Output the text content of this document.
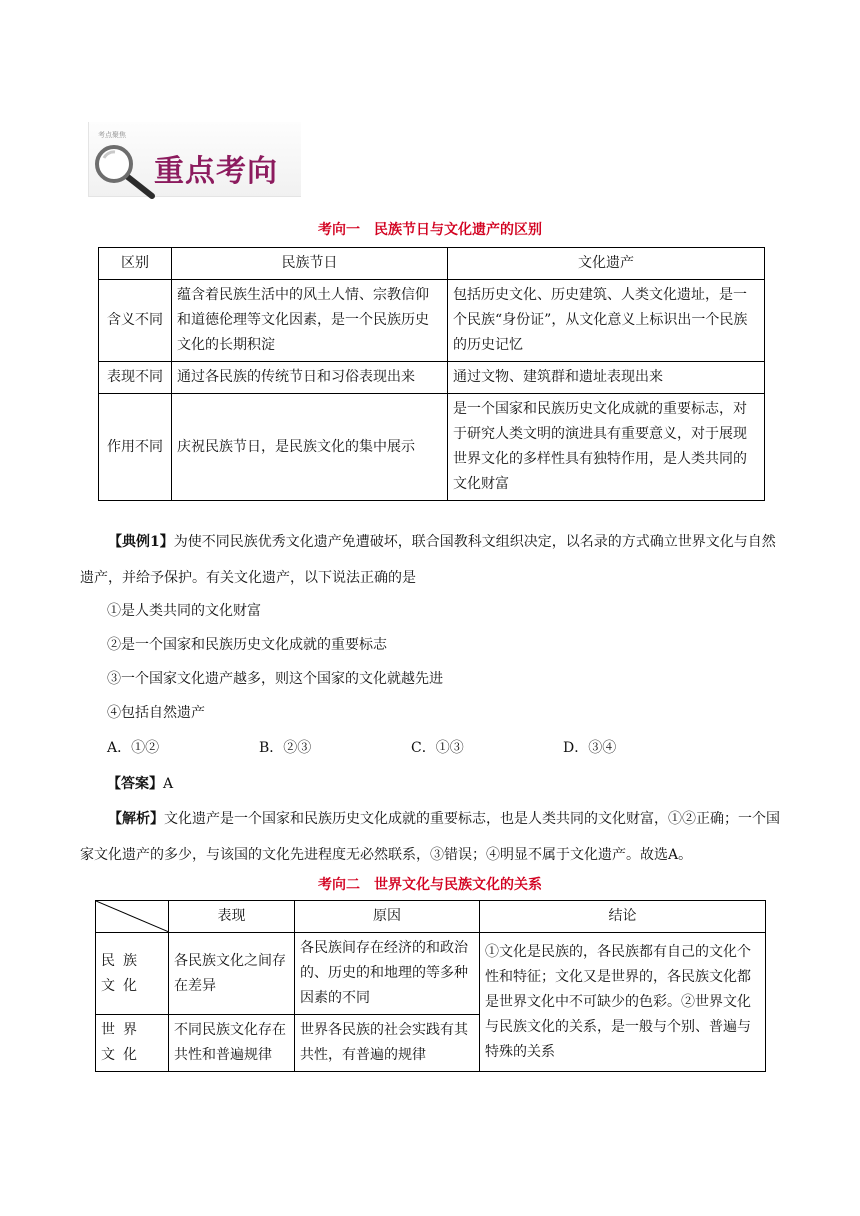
考点聚焦
重点考向
考向一　民族节日与文化遗产的区别
区别	民族节日	文化遗产
含义不同	蕴含着民族生活中的风土人情、宗教信仰和道德伦理等文化因素，是一个民族历史文化的长期积淀	包括历史文化、历史建筑、人类文化遗址，是一个民族“身份证”，从文化意义上标识出一个民族的历史记忆
表现不同	通过各民族的传统节日和习俗表现出来	通过文物、建筑群和遗址表现出来
作用不同	庆祝民族节日，是民族文化的集中展示	是一个国家和民族历史文化成就的重要标志，对于研究人类文明的演进具有重要意义，对于展现世界文化的多样性具有独特作用，是人类共同的文化财富
【典例1】为使不同民族优秀文化遗产免遭破坏，联合国教科文组织决定，以名录的方式确立世界文化与自然遗产，并给予保护。有关文化遗产，以下说法正确的是
①是人类共同的文化财富
②是一个国家和民族历史文化成就的重要标志
③一个国家文化遗产越多，则这个国家的文化就越先进
④包括自然遗产
A．①②	B．②③	C．①③	D．③④
【答案】A
【解析】文化遗产是一个国家和民族历史文化成就的重要标志，也是人类共同的文化财富，①②正确；一个国家文化遗产的多少，与该国的文化先进程度无必然联系，③错误；④明显不属于文化遗产。故选A。
考向二　世界文化与民族文化的关系
	表现	原因	结论
民族文化	各民族文化之间存在差异	各民族间存在经济的和政治的、历史的和地理的等多种因素的不同	①文化是民族的，各民族都有自己的文化个性和特征；文化又是世界的，各民族文化都是世界文化中不可缺少的色彩。②世界文化与民族文化的关系，是一般与个别、普遍与特殊的关系
世界文化	不同民族文化存在共性和普遍规律	世界各民族的社会实践有其共性，有普遍的规律	
